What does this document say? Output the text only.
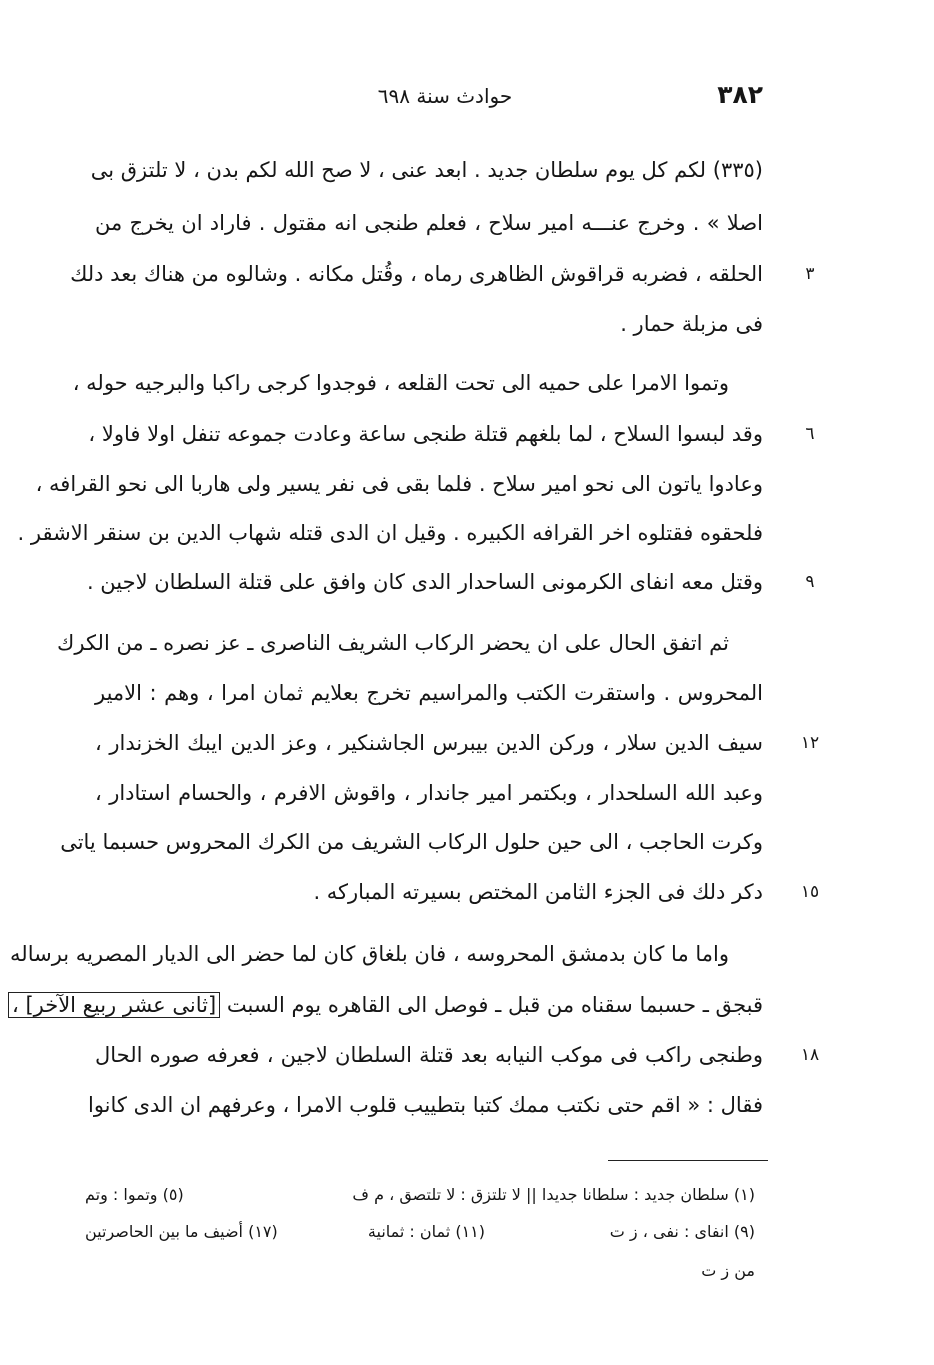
٣٨٢
حوادث سنة ٦٩٨
(٣٣٥) لكم كل يوم سلطان جديد . ابعد عنى ، لا صح الله لكم بدن ، لا تلتزق بى
اصلا » . وخرج عنـــه امير سلاح ، فعلم طنجى انه مقتول . فاراد ان يخرج من
الحلقه ، فضربه قراقوش الظاهرى رماه ، وقُتل مكانه . وشالوه من هناك بعد دلك
فى مزبلة حمار .
وتموا الامرا على حميه الى تحت القلعه ، فوجدوا كرجى راكبا والبرجيه حوله ،
وقد لبسوا السلاح ، لما بلغهم قتلة طنجى ساعة وعادت جموعه تنفل اولا فاولا ،
وعادوا ياتون الى نحو امير سلاح . فلما بقى فى نفر يسير ولى هاربا الى نحو القرافه ،
فلحقوه فقتلوه اخر القرافه الكبيره . وقيل ان الدى قتله شهاب الدين بن سنقر الاشقر .
وقتل معه انفاى الكرمونى الساحدار الدى كان وافق على قتلة السلطان لاجين .
ثم اتفق الحال على ان يحضر الركاب الشريف الناصرى ـ عز نصره ـ من الكرك
المحروس . واستقرت الكتب والمراسيم تخرج بعلايم ثمان امرا ، وهم : الامير
سيف الدين سلار ، وركن الدين بيبرس الجاشنكير ، وعز الدين ايبك الخزندار ،
وعبد الله السلحدار ، وبكتمر امير جاندار ، واقوش الافرم ، والحسام استادار ،
وكرت الحاجب ، الى حين حلول الركاب الشريف من الكرك المحروس حسبما ياتى
دكر دلك فى الجزء الثامن المختص بسيرته المباركه .
واما ما كان بدمشق المحروسه ، فان بلغاق كان لما حضر الى الديار المصريه برساله
قبجق ـ حسبما سقناه من قبل ـ فوصل الى القاهره يوم السبت [ثانى عشر ربيع الآخر] ،
وطنجى راكب فى موكب النيابه بعد قتلة السلطان لاجين ، فعرفه صوره الحال
فقال : « اقم حتى نكتب ممك كتبا بتطييب قلوب الامرا ، وعرفهم ان الدى كانوا
٣
٦
٩
١٢
١٥
١٨
(١) سلطان جديد : سلطانا جديدا || لا تلتزق : لا تلتصق ، م ف
(٥) وتموا : وتم
(٩) انفاى : نفى ، ز ت
(١١) ثمان : ثمانية
(١٧) أضيف ما بين الحاصرتين
من ز ت
